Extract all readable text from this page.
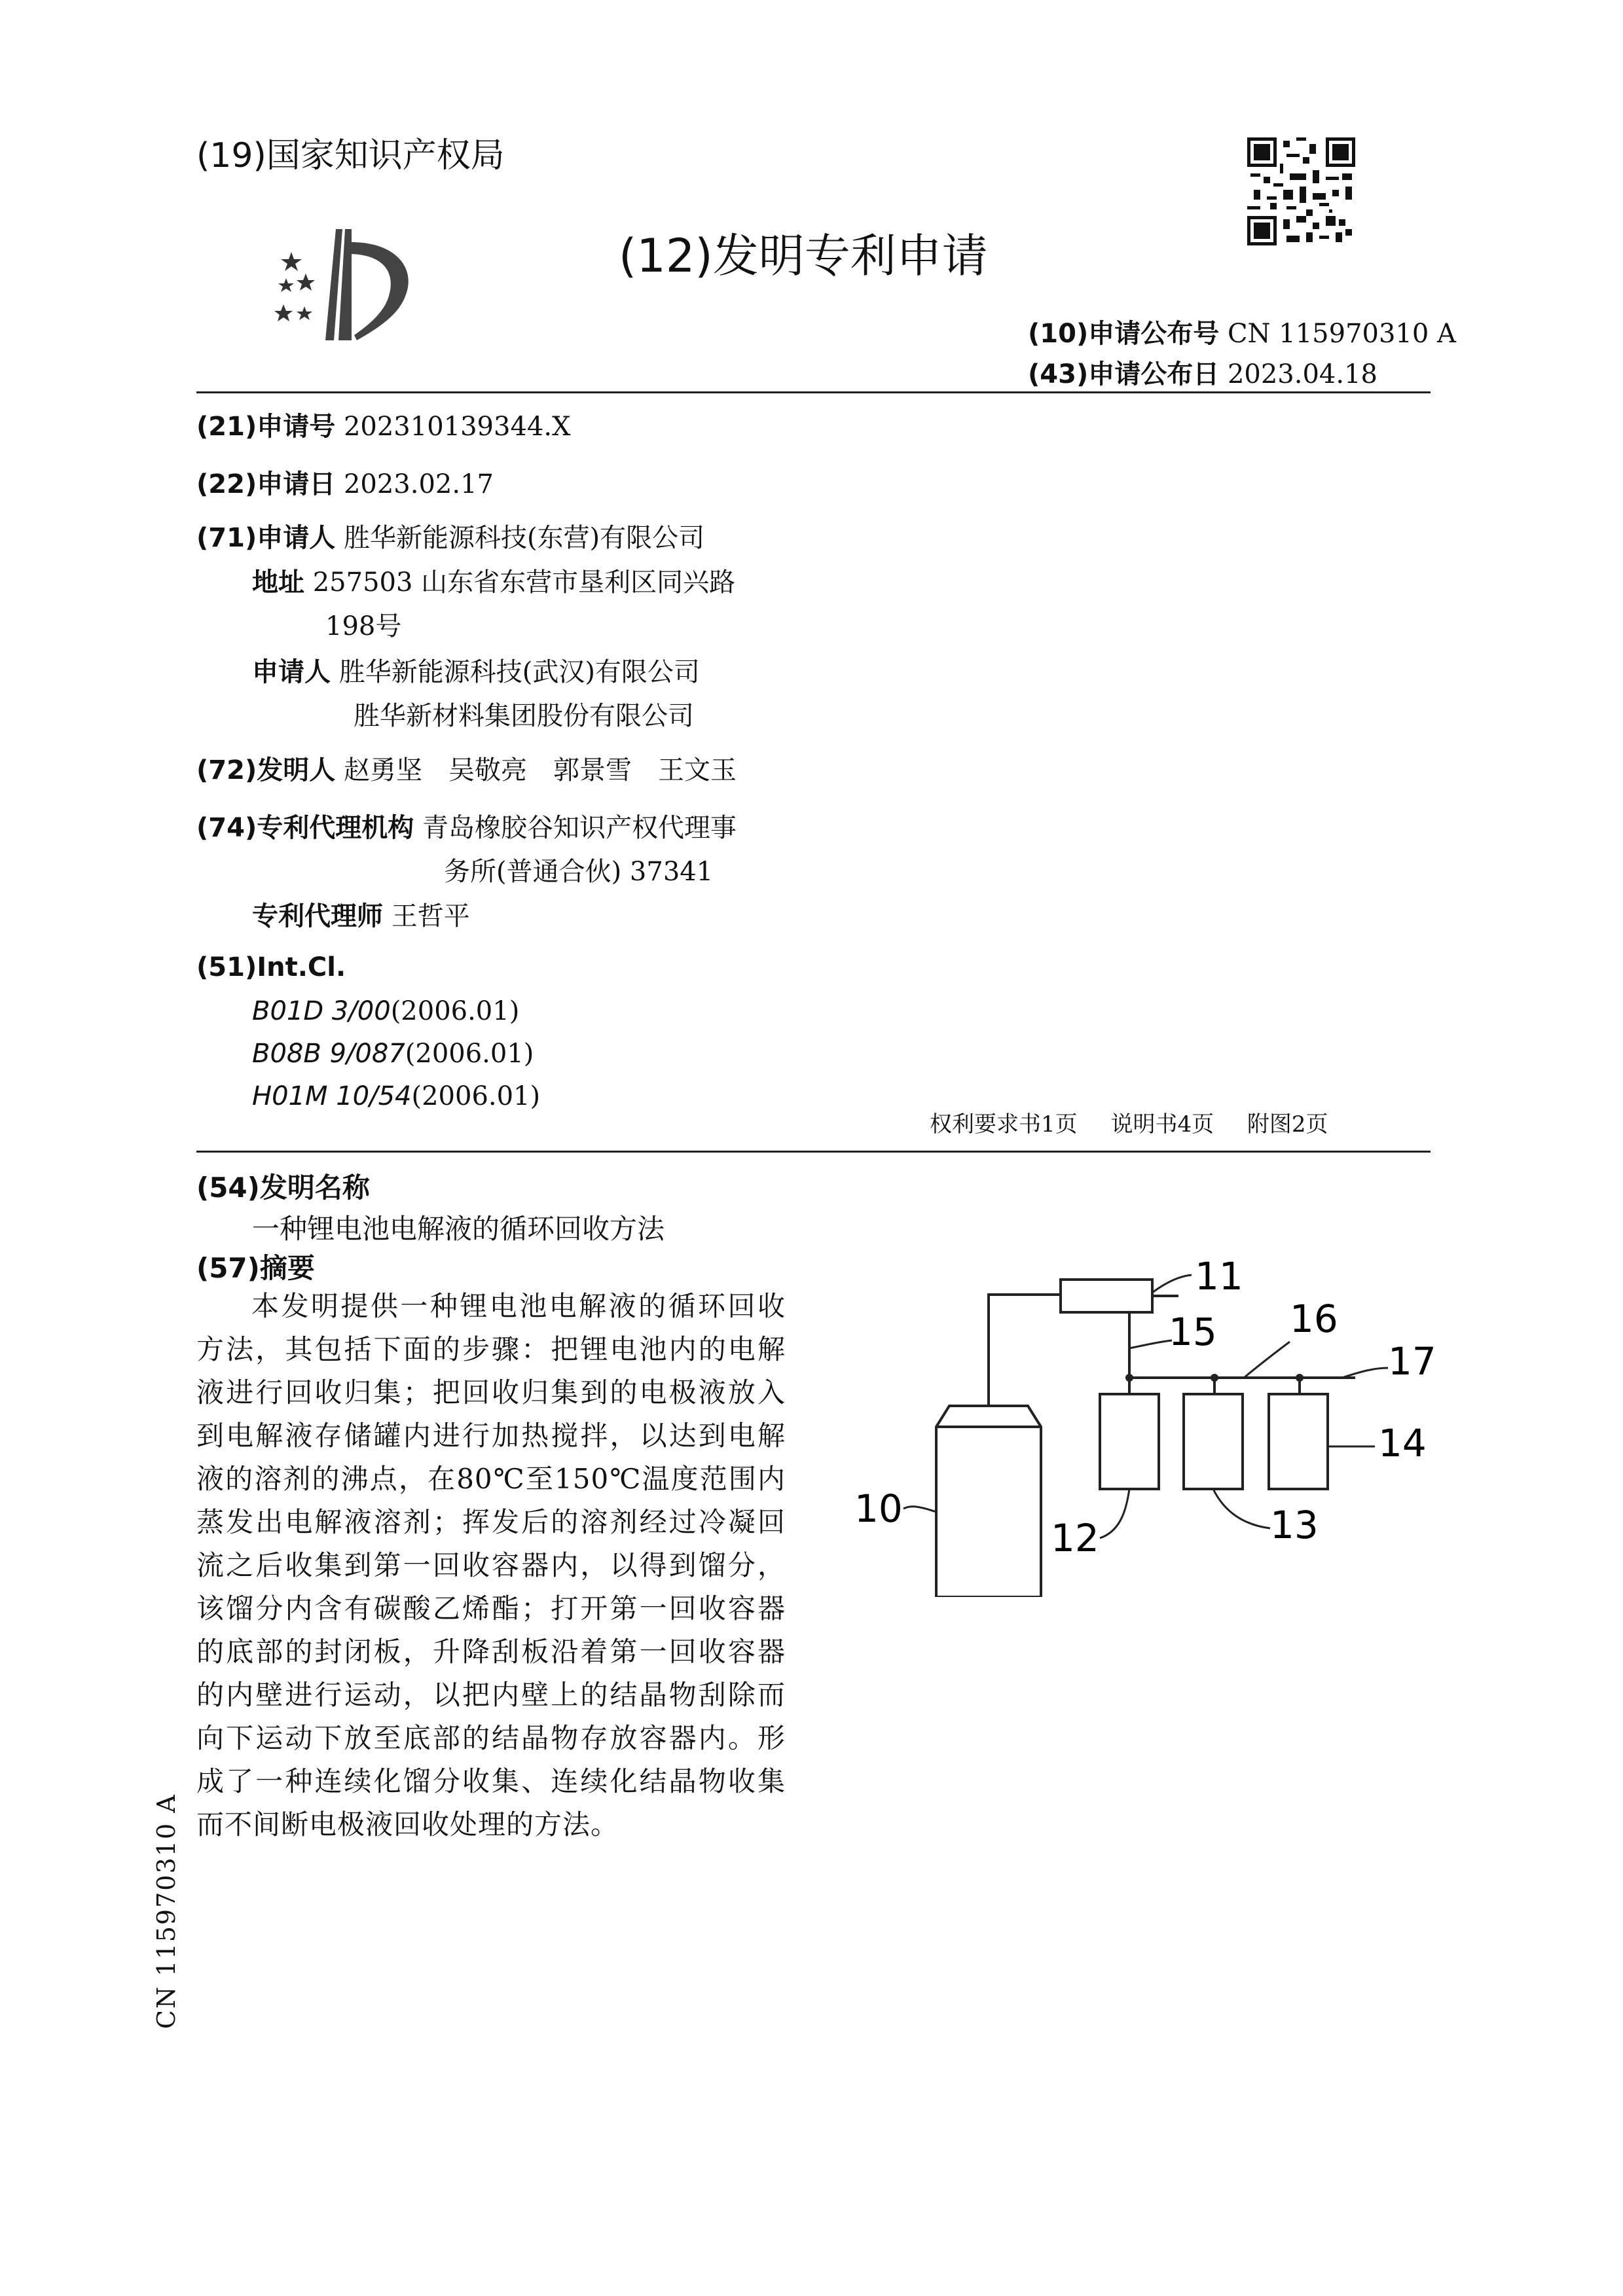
(19)国家知识产权局
(12)发明专利申请
(10)申请公布号 CN 115970310 A
(43)申请公布日 2023.04.18
(21)申请号 202310139344.X
(22)申请日 2023.02.17
(71)申请人 胜华新能源科技(东营)有限公司
地址 257503 山东省东营市垦利区同兴路
198号
申请人 胜华新能源科技(武汉)有限公司
胜华新材料集团股份有限公司
(72)发明人 赵勇坚　吴敬亮　郭景雪　王文玉
(74)专利代理机构 青岛橡胶谷知识产权代理事
务所(普通合伙) 37341
专利代理师 王哲平
(51)Int.Cl.
B01D 3/00(2006.01)
B08B 9/087(2006.01)
H01M 10/54(2006.01)
权利要求书1页 说明书4页 附图2页
(54)发明名称
一种锂电池电解液的循环回收方法
(57)摘要
本发明提供一种锂电池电解液的循环回收方法，其包括下面的步骤：把锂电池内的电解液进行回收归集；把回收归集到的电极液放入到电解液存储罐内进行加热搅拌，以达到电解液的溶剂的沸点，在80℃至150℃温度范围内蒸发出电解液溶剂；挥发后的溶剂经过冷凝回流之后收集到第一回收容器内，以得到馏分，该馏分内含有碳酸乙烯酯；打开第一回收容器的底部的封闭板，升降刮板沿着第一回收容器的内壁进行运动，以把内壁上的结晶物刮除而向下运动下放至底部的结晶物存放容器内。形成了一种连续化馏分收集、连续化结晶物收集而不间断电极液回收处理的方法。
11
15 16
17
14
13
12
10
CN 115970310 A
